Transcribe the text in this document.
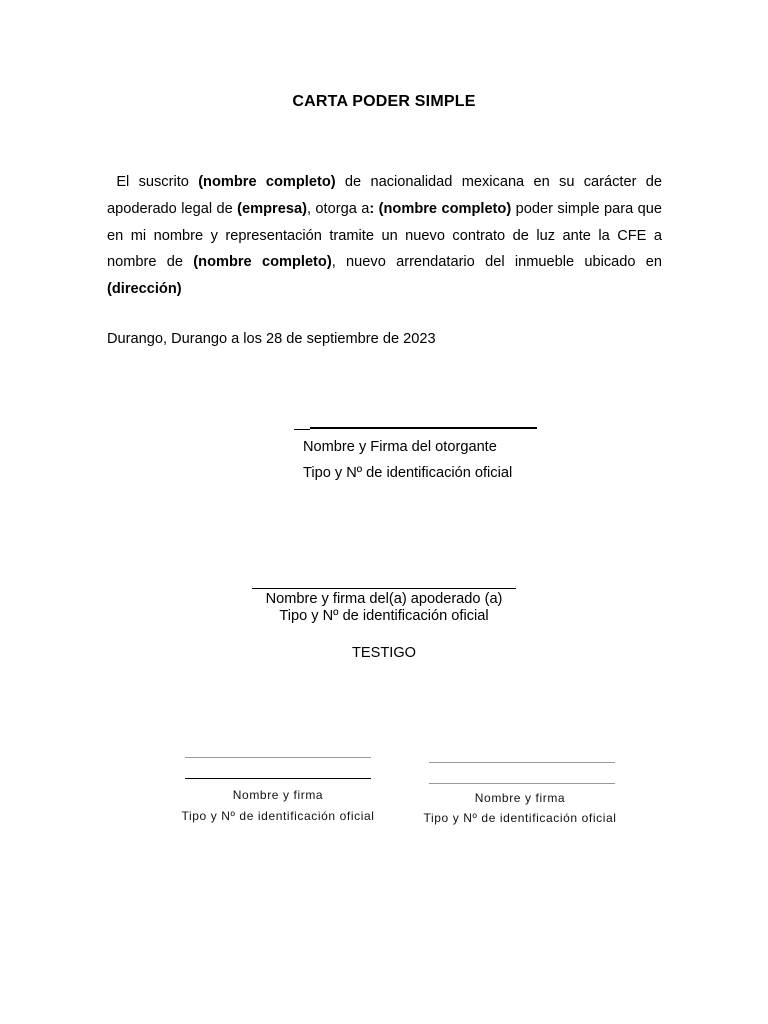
CARTA PODER SIMPLE
El suscrito (nombre completo) de nacionalidad mexicana en su carácter de apoderado legal de (empresa), otorga a: (nombre completo) poder simple para que en mi nombre y representación tramite un nuevo contrato de luz ante la CFE a nombre de (nombre completo), nuevo arrendatario del inmueble ubicado en (dirección)
Durango, Durango a los 28 de septiembre de 2023
Nombre y Firma del otorgante
Tipo y Nº de identificación oficial
Nombre y firma del(a) apoderado (a)
Tipo y Nº de identificación oficial
TESTIGO
Nombre y firma
Tipo y Nº de identificación oficial
Nombre y firma
Tipo y Nº de identificación oficial
